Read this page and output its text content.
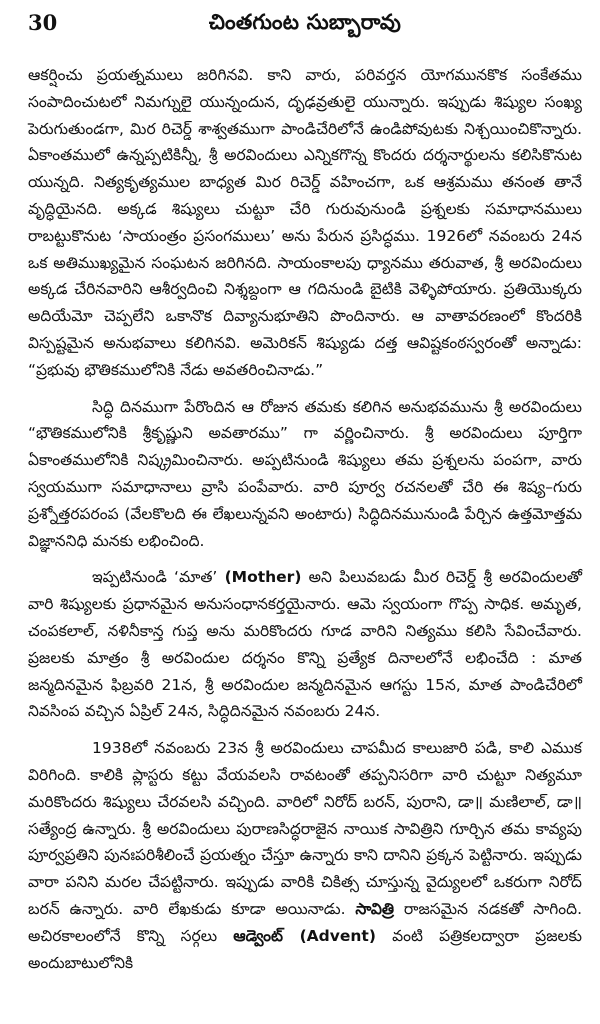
30	చింతగుంట సుబ్బారావు

ఆకర్షించు ప్రయత్నములు జరిగినవి. కాని వారు, పరివర్తన యోగమునకొక సంకేతము సంపాదించుటలో నిమగ్నులై యున్నందున, దృఢవ్రతులై యున్నారు. ఇప్పుడు శిష్యుల సంఖ్య పెరుగుతుండగా, మిర రిచెర్డ్ శాశ్వతముగా పాండిచేరిలోనే ఉండిపోవుటకు నిశ్చయించికొన్నారు. ఏకాంతములో ఉన్నప్పటికిన్నీ, శ్రీ అరవిందులు ఎన్నికగొన్న కొందరు దర్శనార్థులను కలిసికొనుట యున్నది. నిత్యకృత్యముల బాధ్యత మిర రిచెర్డ్ వహించగా, ఒక ఆశ్రమము తనంత తానే వృద్ధియైనది. అక్కడ శిష్యులు చుట్టూ చేరి గురువునుండి ప్రశ్నలకు సమాధానములు రాబట్టుకొనుట ‘సాయంత్రం ప్రసంగములు’ అను పేరున ప్రసిద్ధము. 1926లో నవంబరు 24న ఒక అతిముఖ్యమైన సంఘటన జరిగినది. సాయంకాలపు ధ్యానము తరువాత, శ్రీ అరవిందులు అక్కడ చేరినవారిని ఆశీర్వదించి నిశ్శబ్దంగా ఆ గదినుండి బైటికి వెళ్ళిపోయారు. ప్రతియొక్కరు అదియేమో చెప్పలేని ఒకానొక దివ్యానుభూతిని పొందినారు. ఆ వాతావరణంలో కొందరికి విస్పష్టమైన అనుభవాలు కలిగినవి. అమెరికన్ శిష్యుడు దత్త ఆవిష్టకంఠస్వరంతో అన్నాడు: “ప్రభువు భౌతికములోనికి నేడు అవతరించినాడు.”

సిద్ధి దినముగా పేరొందిన ఆ రోజున తమకు కలిగిన అనుభవమును శ్రీ అరవిందులు “భౌతికములోనికి శ్రీకృష్ణుని అవతారము” గా వర్ణించినారు. శ్రీ అరవిందులు పూర్తిగా ఏకాంతములోనికి నిష్క్రమించినారు. అప్పటినుండి శిష్యులు తమ ప్రశ్నలను పంపగా, వారు స్వయముగా సమాధానాలు వ్రాసి పంపేవారు. వారి పూర్వ రచనలతో చేరి ఈ శిష్య–గురు ప్రశ్నోత్తరపరంప (వేలకొలది ఈ లేఖలున్నవని అంటారు) సిద్ధిదినమునుండి పేర్చిన ఉత్తమోత్తమ విజ్ఞాననిధి మనకు లభించింది.

ఇప్పటినుండి ‘మాత’ (Mother) అని పిలువబడు మీర రిచెర్డ్ శ్రీ అరవిందులతో వారి శిష్యులకు ప్రధానమైన అనుసంధానకర్తయైనారు. ఆమె స్వయంగా గొప్ప సాధిక. అమృత, చంపకలాల్, నళినీకాన్త గుప్త అను మరికొందరు గూడ వారిని నిత్యము కలిసి సేవించేవారు. ప్రజలకు మాత్రం శ్రీ అరవిందుల దర్శనం కొన్ని ప్రత్యేక దినాలలోనే లభించేది : మాత జన్మదినమైన ఫిబ్రవరి 21న, శ్రీ అరవిందుల జన్మదినమైన ఆగస్టు 15న, మాత పాండిచేరిలో నివసింప వచ్చిన ఏప్రిల్ 24న, సిద్ధిదినమైన నవంబరు 24న.

1938లో నవంబరు 23న శ్రీ అరవిందులు చాపమీద కాలుజారి పడి, కాలి ఎముక విరిగింది. కాలికి ప్లాస్టరు కట్టు వేయవలసి రావటంతో తప్పనిసరిగా వారి చుట్టూ నిత్యమూ మరికొందరు శిష్యులు చేరవలసి వచ్చింది. వారిలో నిరోద్ బరన్, పురాని, డా॥ మణిలాల్, డా॥ సత్యేంద్ర ఉన్నారు. శ్రీ అరవిందులు పురాణసిద్ధరాజైన నాయిక సావిత్రిని గూర్చిన తమ కావ్యపు పూర్వప్రతిని పునఃపరిశీలించే ప్రయత్నం చేస్తూ ఉన్నారు కాని దానిని ప్రక్కన పెట్టినారు. ఇప్పుడు వారా పనిని మరల చేపట్టినారు. ఇప్పుడు వారికి చికిత్స చూస్తున్న వైద్యులలో ఒకరుగా నిరోద్ బరన్ ఉన్నారు. వారి లేఖకుడు కూడా అయినాడు. సావిత్రి రాజసమైన నడకతో సాగింది. అచిరకాలంలోనే కొన్ని సర్గలు ఆడ్వెంట్ (Advent) వంటి పత్రికలద్వారా ప్రజలకు అందుబాటులోనికి
